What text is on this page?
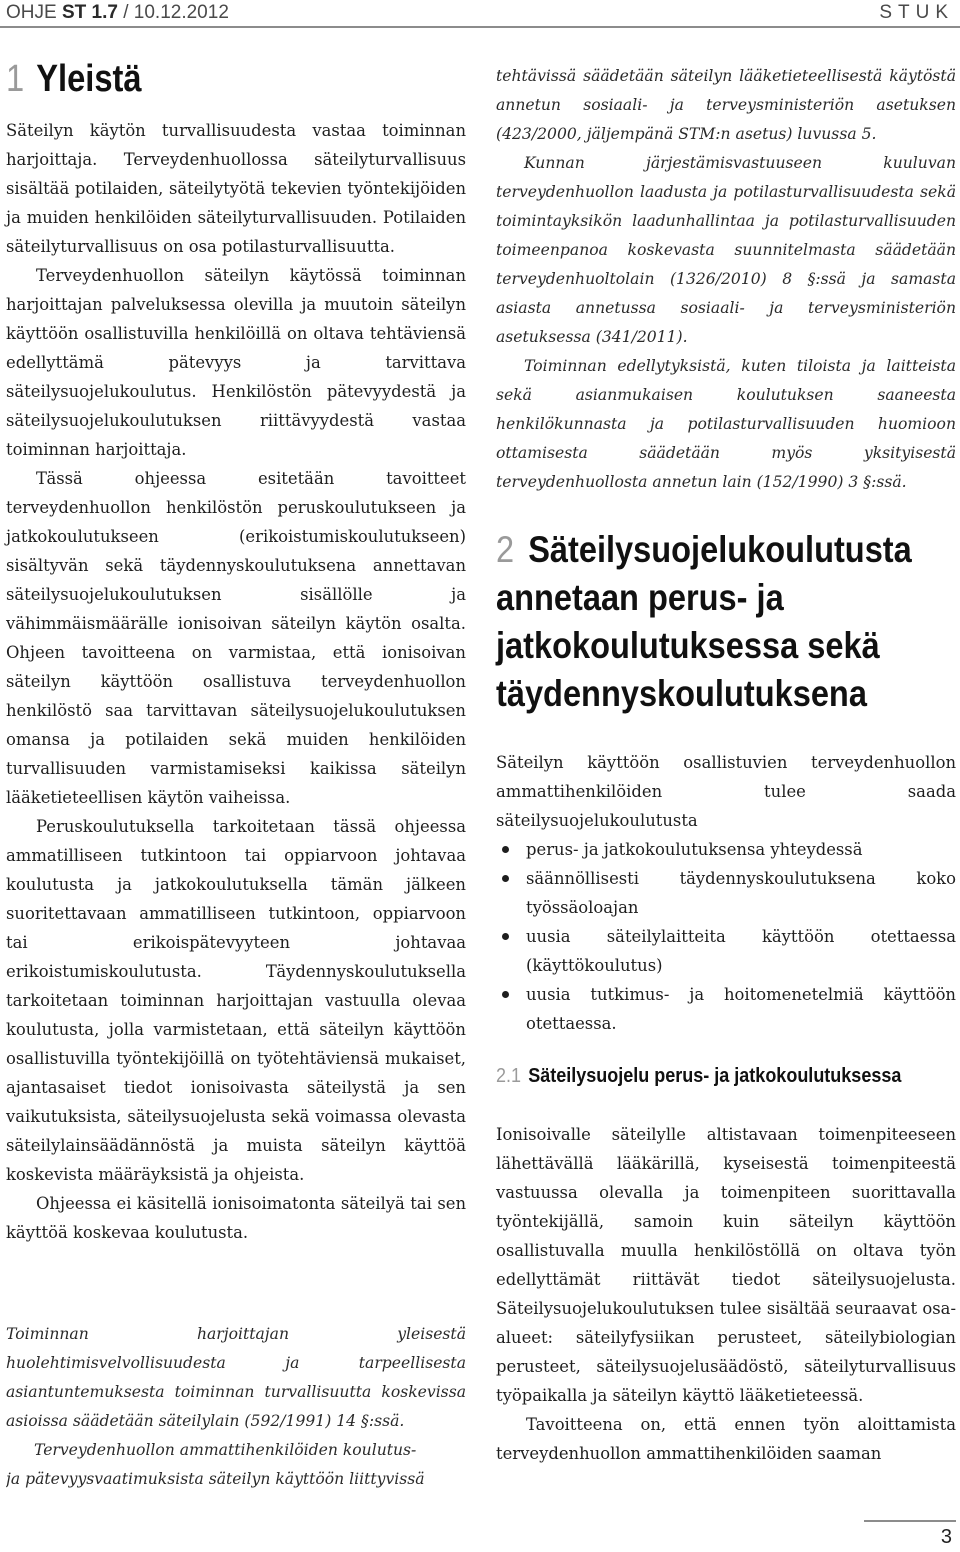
OHJE ST 1.7 / 10.12.2012	STUK
1 Yleistä

Säteilyn käytön turvallisuudesta vastaa toiminnan harjoittaja. Terveydenhuollossa säteilyturvallisuus sisältää potilaiden, säteilytyötä tekevien työntekijöiden ja muiden henkilöiden säteilyturvallisuuden. Potilaiden säteilyturvallisuus on osa potilasturvallisuutta.

Terveydenhuollon säteilyn käytössä toiminnan harjoittajan palveluksessa olevilla ja muutoin säteilyn käyttöön osallistuvilla henkilöillä on oltava tehtäviensä edellyttämä pätevyys ja tarvittava säteilysuojelukoulutus. Henkilöstön pätevyydestä ja säteilysuojelukoulutuksen riittävyydestä vastaa toiminnan harjoittaja.

Tässä ohjeessa esitetään tavoitteet terveydenhuollon henkilöstön peruskoulutukseen ja jatkokoulutukseen (erikoistumiskoulutukseen) sisältyvän sekä täydennyskoulutuksena annettavan säteilysuojelukoulutuksen sisällölle ja vähimmäismäärälle ionisoivan säteilyn käytön osalta. Ohjeen tavoitteena on varmistaa, että ionisoivan säteilyn käyttöön osallistuva terveydenhuollon henkilöstö saa tarvittavan säteilysuojelukoulutuksen omansa ja potilaiden sekä muiden henkilöiden turvallisuuden varmistamiseksi kaikissa säteilyn lääketieteellisen käytön vaiheissa.

Peruskoulutuksella tarkoitetaan tässä ohjeessa ammatilliseen tutkintoon tai oppiarvoon johtavaa koulutusta ja jatkokoulutuksella tämän jälkeen suoritettavaan ammatilliseen tutkintoon, oppiarvoon tai erikoispätevyyteen johtavaa erikoistumiskoulutusta. Täydennyskoulutuksella tarkoitetaan toiminnan harjoittajan vastuulla olevaa koulutusta, jolla varmistetaan, että säteilyn käyttöön osallistuvilla työntekijöillä on työtehtäviensä mukaiset, ajantasaiset tiedot ionisoivasta säteilystä ja sen vaikutuksista, säteilysuojelusta sekä voimassa olevasta säteilylainsäädännöstä ja muista säteilyn käyttöä koskevista määräyksistä ja ohjeista.

Ohjeessa ei käsitellä ionisoimatonta säteilyä tai sen käyttöä koskevaa koulutusta.

Toiminnan harjoittajan yleisestä huolehtimisvelvollisuudesta ja tarpeellisesta asiantuntemuksesta toiminnan turvallisuutta koskevissa asioissa säädetään säteilylain (592/1991) 14 §:ssä.

Terveydenhuollon ammattihenkilöiden koulutus-

ja pätevyysvaatimuksista säteilyn käyttöön liittyvissä

tehtävissä säädetään säteilyn lääketieteellisestä käytöstä annetun sosiaali- ja terveysministeriön asetuksen (423/2000, jäljempänä STM:n asetus) luvussa 5.

Kunnan järjestämisvastuuseen kuuluvan terveydenhuollon laadusta ja potilasturvallisuudesta sekä toimintayksikön laadunhallintaa ja potilasturvallisuuden toimeenpanoa koskevasta suunnitelmasta säädetään terveydenhuoltolain (1326/2010) 8 §:ssä ja samasta asiasta annetussa sosiaali- ja terveysministeriön asetuksessa (341/2011).

Toiminnan edellytyksistä, kuten tiloista ja laitteista sekä asianmukaisen koulutuksen saaneesta henkilökunnasta ja potilasturvallisuuden huomioon ottamisesta säädetään myös yksityisestä terveydenhuollosta annetun lain (152/1990) 3 §:ssä.

2 Säteilysuojelukoulutusta annetaan perus- ja jatkokoulutuksessa sekä täydennyskoulutuksena

Säteilyn käyttöön osallistuvien terveydenhuollon ammattihenkilöiden tulee saada säteilysuojelukoulutusta

perus- ja jatkokoulutuksensa yhteydessä
säännöllisesti täydennyskoulutuksena koko työssäoloajan
uusia säteilylaitteita käyttöön otettaessa (käyttökoulutus)
uusia tutkimus- ja hoitomenetelmiä käyttöön otettaessa.
2.1 Säteilysuojelu perus- ja jatkokoulutuksessa

Ionisoivalle säteilylle altistavaan toimenpiteeseen lähettävällä lääkärillä, kyseisestä toimenpiteestä vastuussa olevalla ja toimenpiteen suorittavalla työntekijällä, samoin kuin säteilyn käyttöön osallistuvalla muulla henkilöstöllä on oltava työn edellyttämät riittävät tiedot säteilysuojelusta. Säteilysuojelukoulutuksen tulee sisältää seuraavat osa-alueet: säteilyfysiikan perusteet, säteilybiologian perusteet, säteilysuojelusäädöstö, säteilyturvallisuus työpaikalla ja säteilyn käyttö lääketieteessä.

Tavoitteena on, että ennen työn aloittamista terveydenhuollon ammattihenkilöiden saaman

3
